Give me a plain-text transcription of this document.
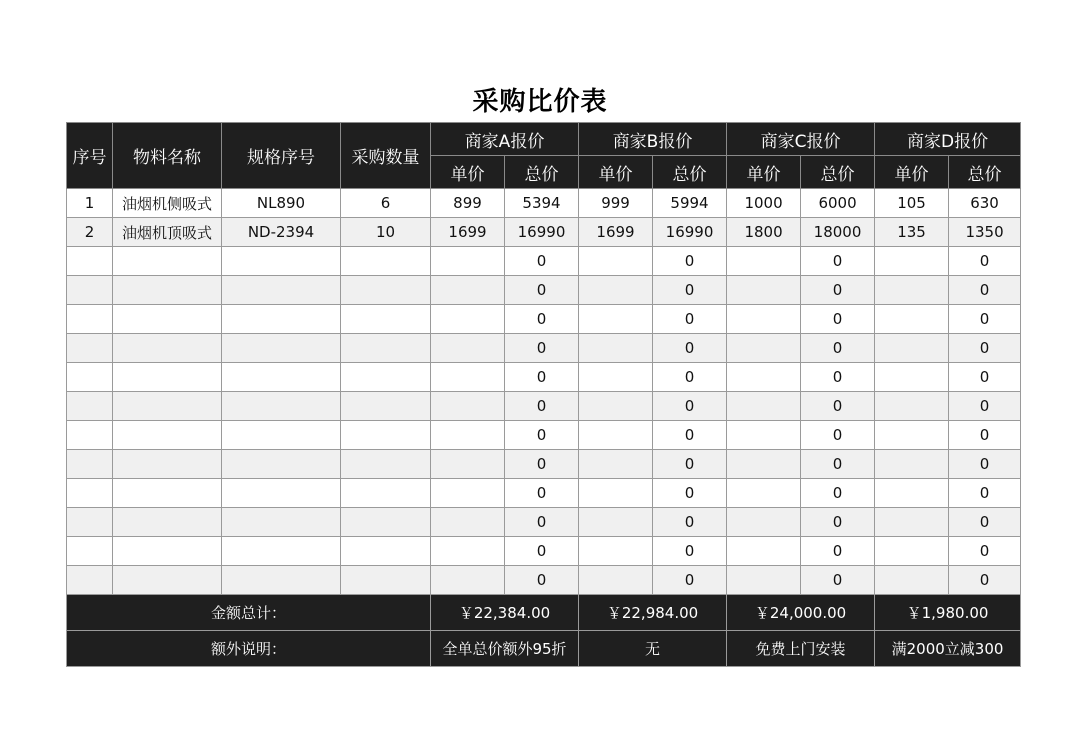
采购比价表
序号	物料名称	规格序号	采购数量	商家A报价		商家B报价		商家C报价		商家D报价	
				单价	总价	单价	总价	单价	总价	单价	总价
1	油烟机侧吸式	NL890	6	899	5394	999	5994	1000	6000	105	630
2	油烟机顶吸式	ND-2394	10	1699	16990	1699	16990	1800	18000	135	1350
					0		0		0		0
					0		0		0		0
					0		0		0		0
					0		0		0		0
					0		0		0		0
					0		0		0		0
					0		0		0		0
					0		0		0		0
					0		0		0		0
					0		0		0		0
					0		0		0		0
					0		0		0		0
金额总计：				￥22,384.00		￥22,984.00		￥24,000.00		￥1,980.00	
额外说明：				全单总价额外95折		无		免费上门安装		满2000立减300	
